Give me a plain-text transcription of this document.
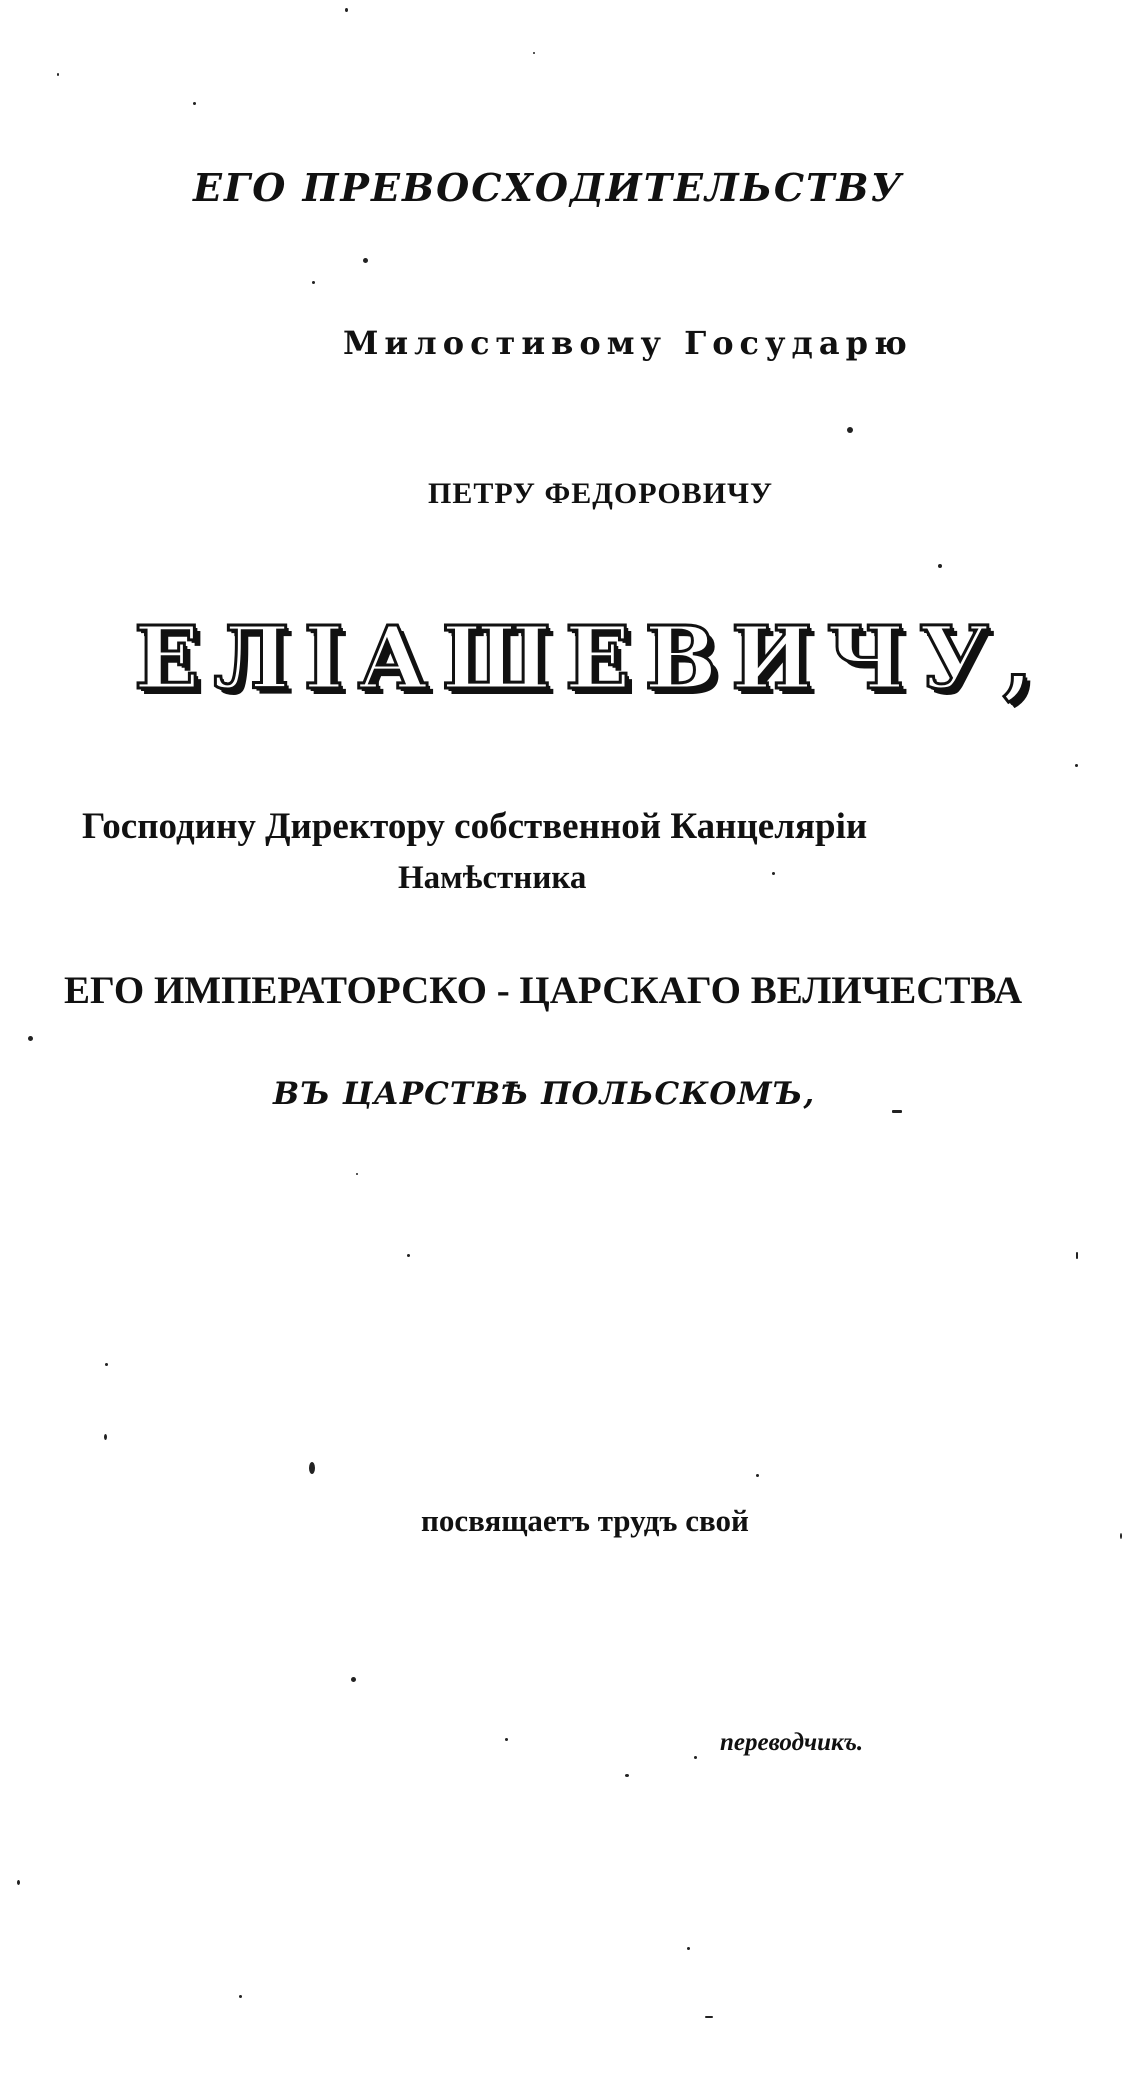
ЕГО ПРЕВОСХОДИТЕЛЬСТВУ
Милостивому Государю
ПЕТРУ ФЕДОРОВИЧУ
ЕЛІАШЕВИЧУ,
Господину Директору собственной Канцеляріи
Намѣстника
ЕГО ИМПЕРАТОРСКО - ЦАРСКАГО ВЕЛИЧЕСТВА
ВЪ ЦАРСТВѢ ПОЛЬСКОМЪ,
посвящаетъ трудъ свой
переводчикъ.
